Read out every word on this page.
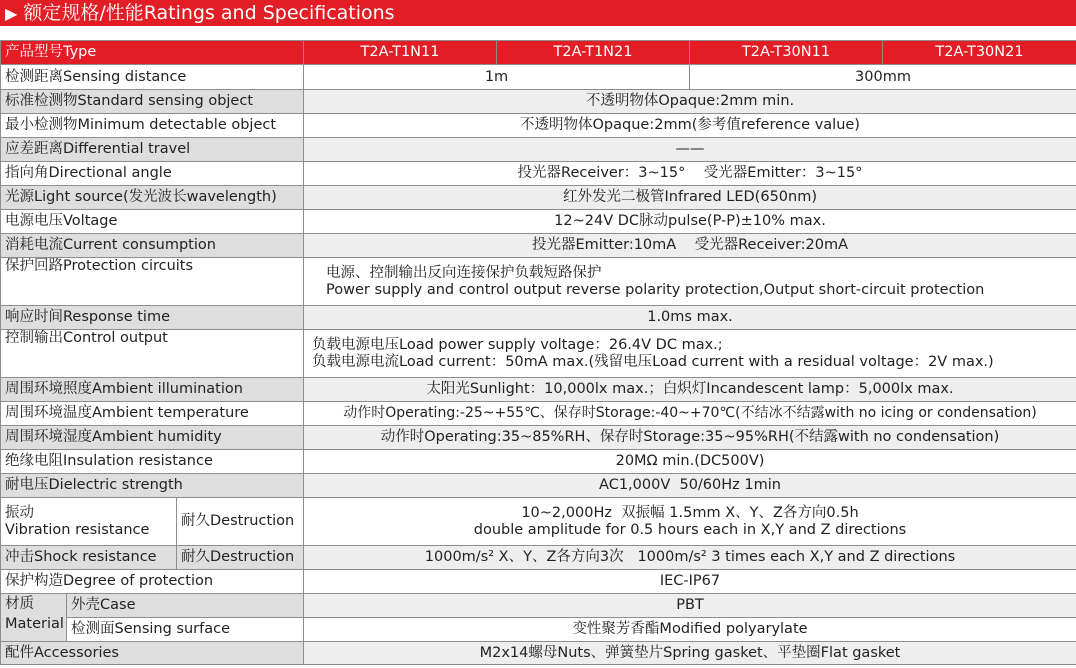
▶ 额定规格/性能Ratings and Specifications
产品型号Type			T2A-T1N11	T2A-T1N21	T2A-T30N11	T2A-T30N21
检测距离Sensing distance			1m		300mm	
标准检测物Standard sensing object			不透明物体Opaque:2mm min.			
最小检测物Minimum detectable object			不透明物体Opaque:2mm(参考值reference value)			
应差距离Differential travel			——			
指向角Directional angle			投光器Receiver：3~15°    受光器Emitter：3~15°			
光源Light source(发光波长wavelength)			红外发光二极管Infrared LED(650nm)			
电源电压Voltage			12~24V DC脉动pulse(P-P)±10% max.			
消耗电流Current consumption			投光器Emitter:10mA    受光器Receiver:20mA			
保护回路Protection circuits			电源、控制输出反向连接保护负载短路保护
Power supply and control output reverse polarity protection,Output short-circuit protection			

响应时间Response time			1.0ms max.			
控制输出Control output			负载电源电压Load power supply voltage：26.4V DC max.;
负载电源电流Load current：50mA max.(残留电压Load current with a residual voltage：2V max.)			

周围环境照度Ambient illumination			太阳光Sunlight：10,000lx max.；白炽灯Incandescent lamp：5,000lx max.			
周围环境温度Ambient temperature			动作时Operating:-25~+55℃、保存时Storage:-40~+70℃(不结冰不结露with no icing or condensation)			
周围环境湿度Ambient humidity			动作时Operating:35~85%RH、保存时Storage:35~95%RH(不结露with no condensation)			
绝缘电阻Insulation resistance			20MΩ min.(DC500V)			
耐电压Dielectric strength			AC1,000V  50/60Hz 1min			

振动
Vibration resistance		耐久Destruction	10~2,000Hz  双振幅 1.5mm X、Y、Z各方向0.5h
double amplitude for 0.5 hours each in X,Y and Z directions			

冲击Shock resistance		耐久Destruction	1000m/s² X、Y、Z各方向3次   1000m/s² 3 times each X,Y and Z directions			
保护构造Degree of protection			IEC-IP67			

材质
Material	外壳Case		PBT			
	检测面Sensing surface		变性聚芳香酯Modified polyarylate			
配件Accessories			M2x14螺母Nuts、弹簧垫片Spring gasket、平垫圈Flat gasket			
